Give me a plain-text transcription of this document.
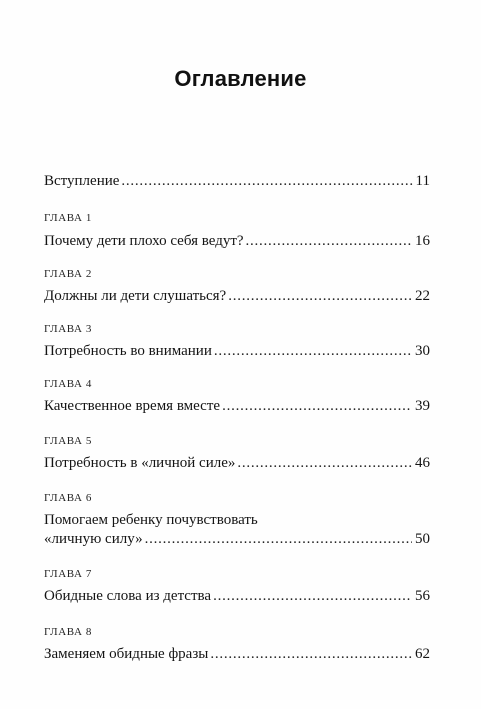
Оглавление
Вступление . . .	11
ГЛАВА 1
Почему дети плохо себя ведут? . . .	16
ГЛАВА 2
Должны ли дети слушаться? . . .	22
ГЛАВА 3
Потребность во внимании . . .	30
ГЛАВА 4
Качественное время вместе . . .	39
ГЛАВА 5
Потребность в «личной силе» . . .	46
ГЛАВА 6
Помогаем ребенку почувствовать
«личную силу» . . .	50
ГЛАВА 7
Обидные слова из детства . . .	56
ГЛАВА 8
Заменяем обидные фразы . . .	62
